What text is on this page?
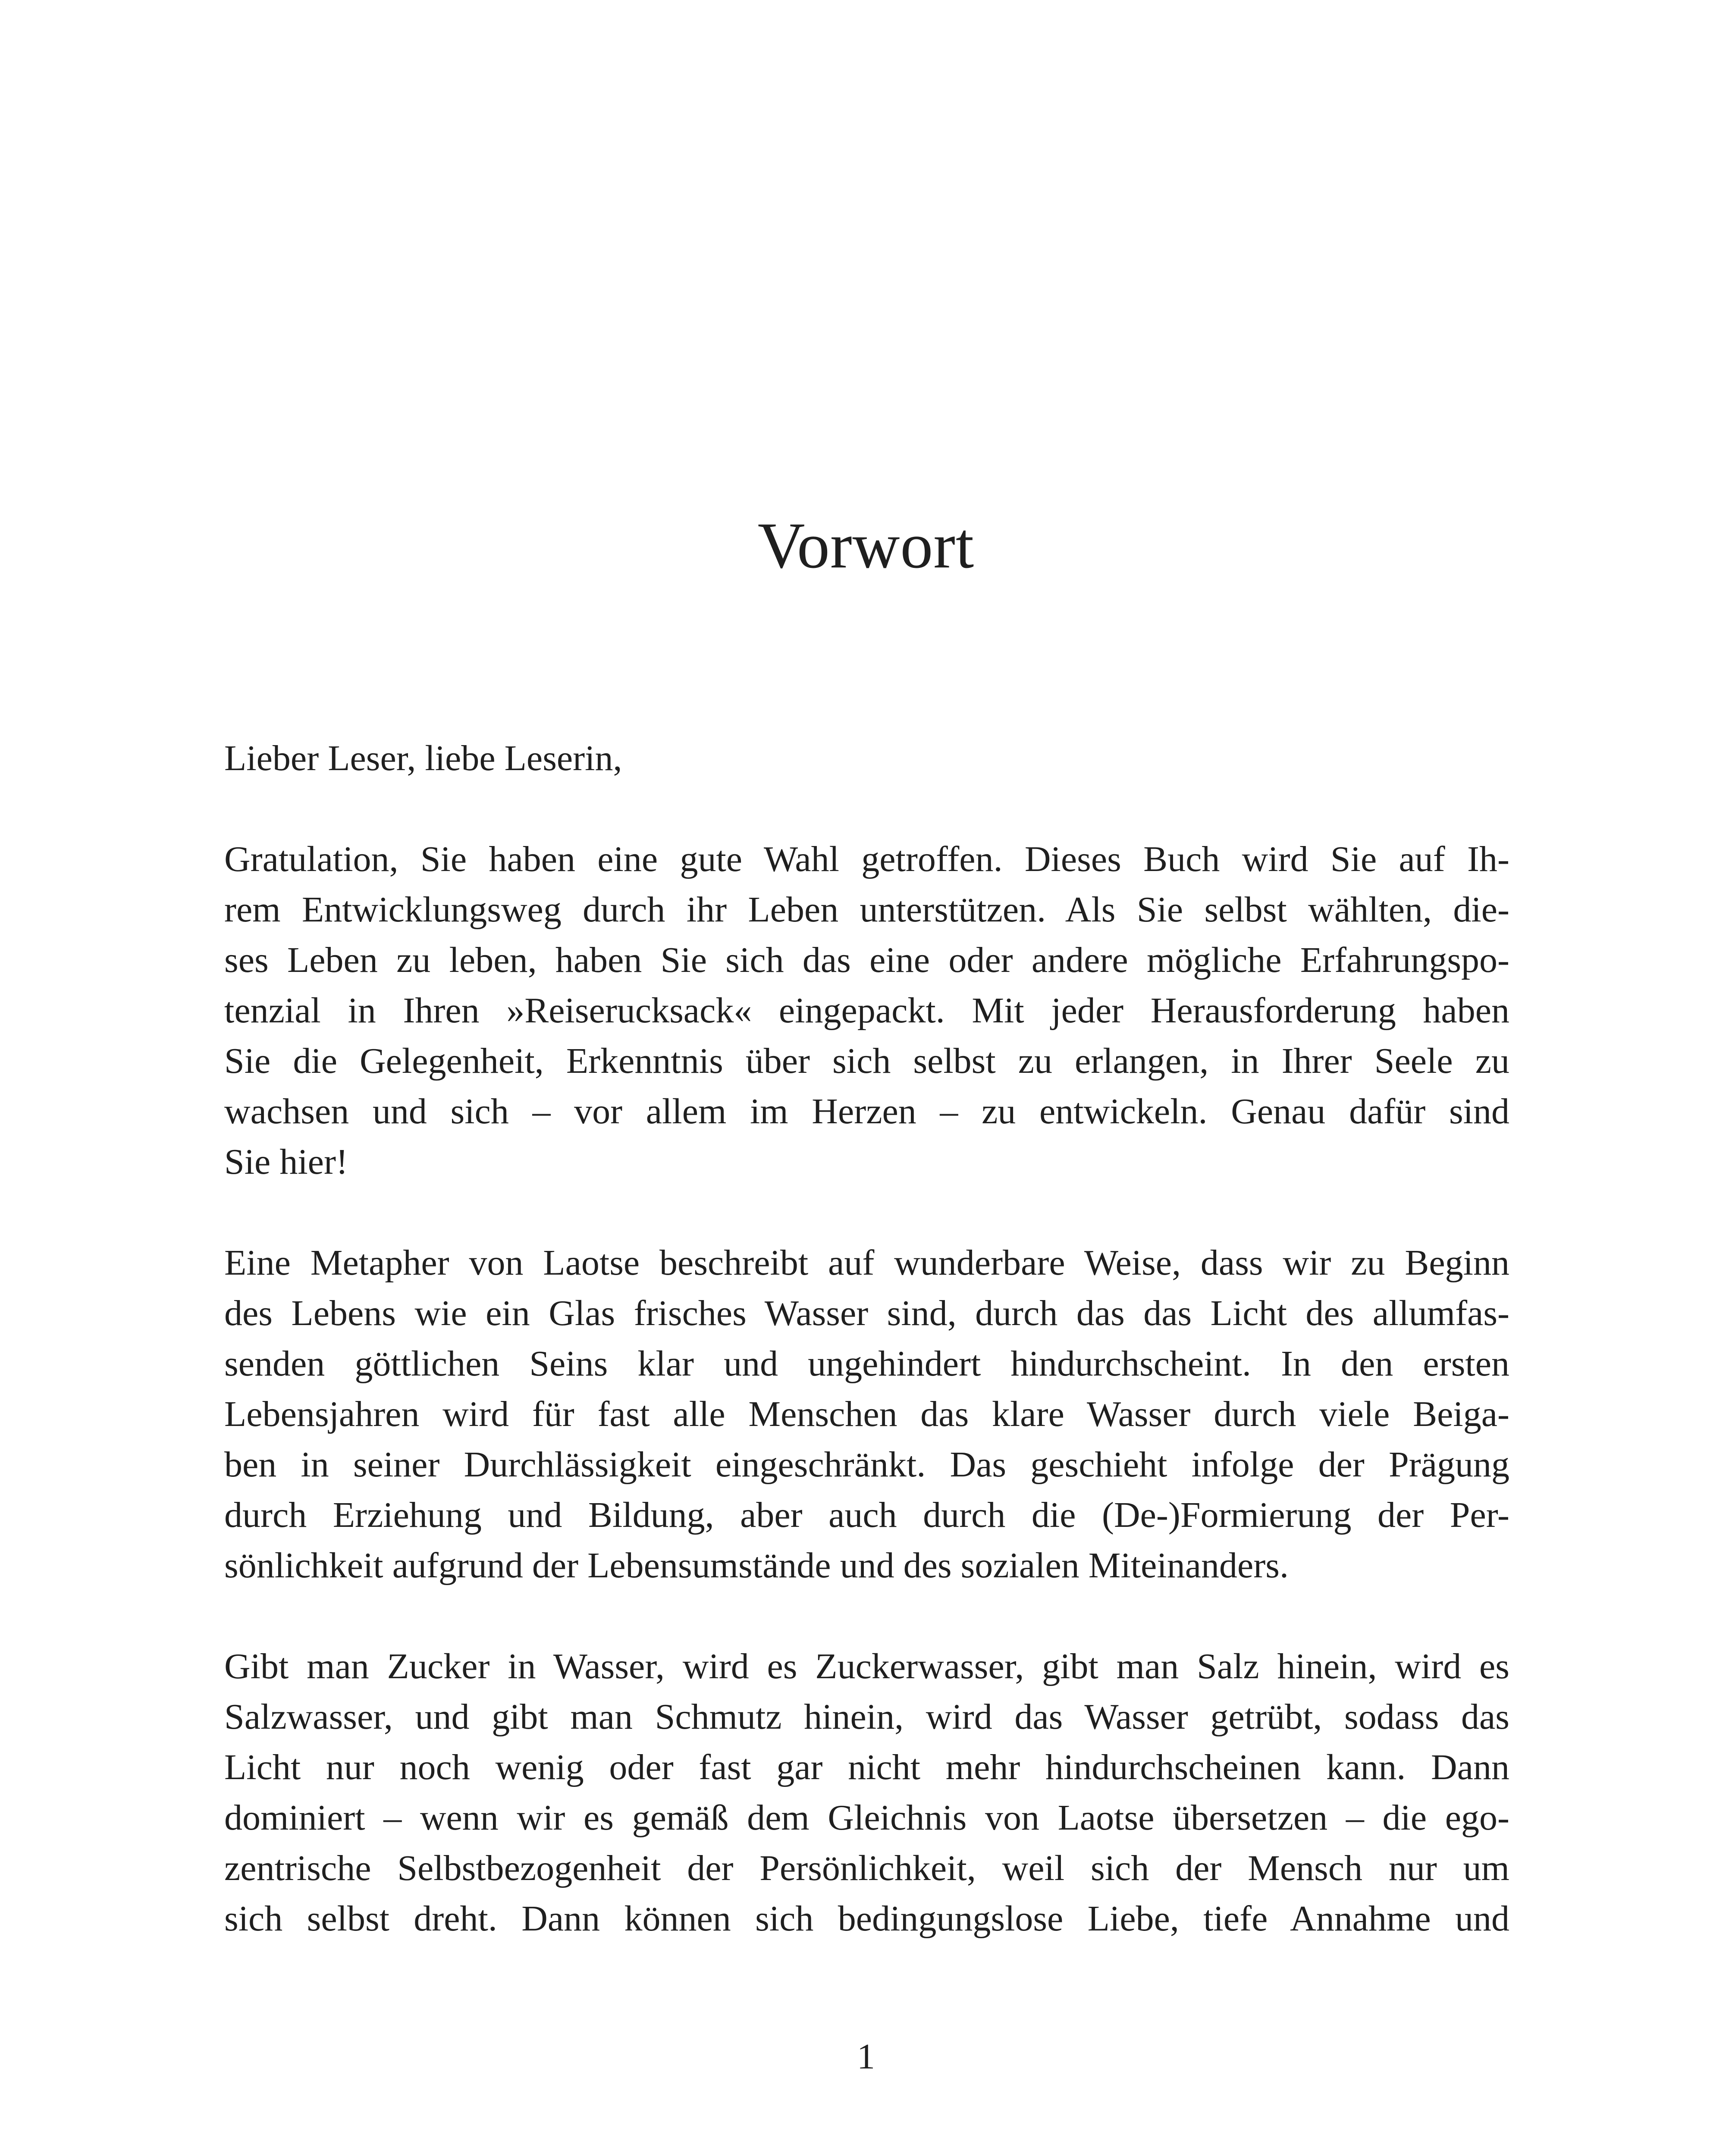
Vorwort

Lieber Leser, liebe Leserin,

Gratulation, Sie haben eine gute Wahl getroffen. Dieses Buch wird Sie auf Ih-
rem Entwicklungsweg durch ihr Leben unterstützen. Als Sie selbst wählten, die-
ses Leben zu leben, haben Sie sich das eine oder andere mögliche Erfahrungspo-
tenzial in Ihren »Reiserucksack« eingepackt. Mit jeder Herausforderung haben
Sie die Gelegenheit, Erkenntnis über sich selbst zu erlangen, in Ihrer Seele zu
wachsen und sich – vor allem im Herzen – zu entwickeln. Genau dafür sind
Sie hier!
Eine Metapher von Laotse beschreibt auf wunderbare Weise, dass wir zu Beginn
des Lebens wie ein Glas frisches Wasser sind, durch das das Licht des allumfas-
senden göttlichen Seins klar und ungehindert hindurchscheint. In den ersten
Lebensjahren wird für fast alle Menschen das klare Wasser durch viele Beiga-
ben in seiner Durchlässigkeit eingeschränkt. Das geschieht infolge der Prägung
durch Erziehung und Bildung, aber auch durch die (De-)Formierung der Per-
sönlichkeit aufgrund der Lebensumstände und des sozialen Miteinanders.
Gibt man Zucker in Wasser, wird es Zuckerwasser, gibt man Salz hinein, wird es
Salzwasser, und gibt man Schmutz hinein, wird das Wasser getrübt, sodass das
Licht nur noch wenig oder fast gar nicht mehr hindurchscheinen kann. Dann
dominiert – wenn wir es gemäß dem Gleichnis von Laotse übersetzen – die ego-
zentrische Selbstbezogenheit der Persönlichkeit, weil sich der Mensch nur um
sich selbst dreht. Dann können sich bedingungslose Liebe, tiefe Annahme und
1
